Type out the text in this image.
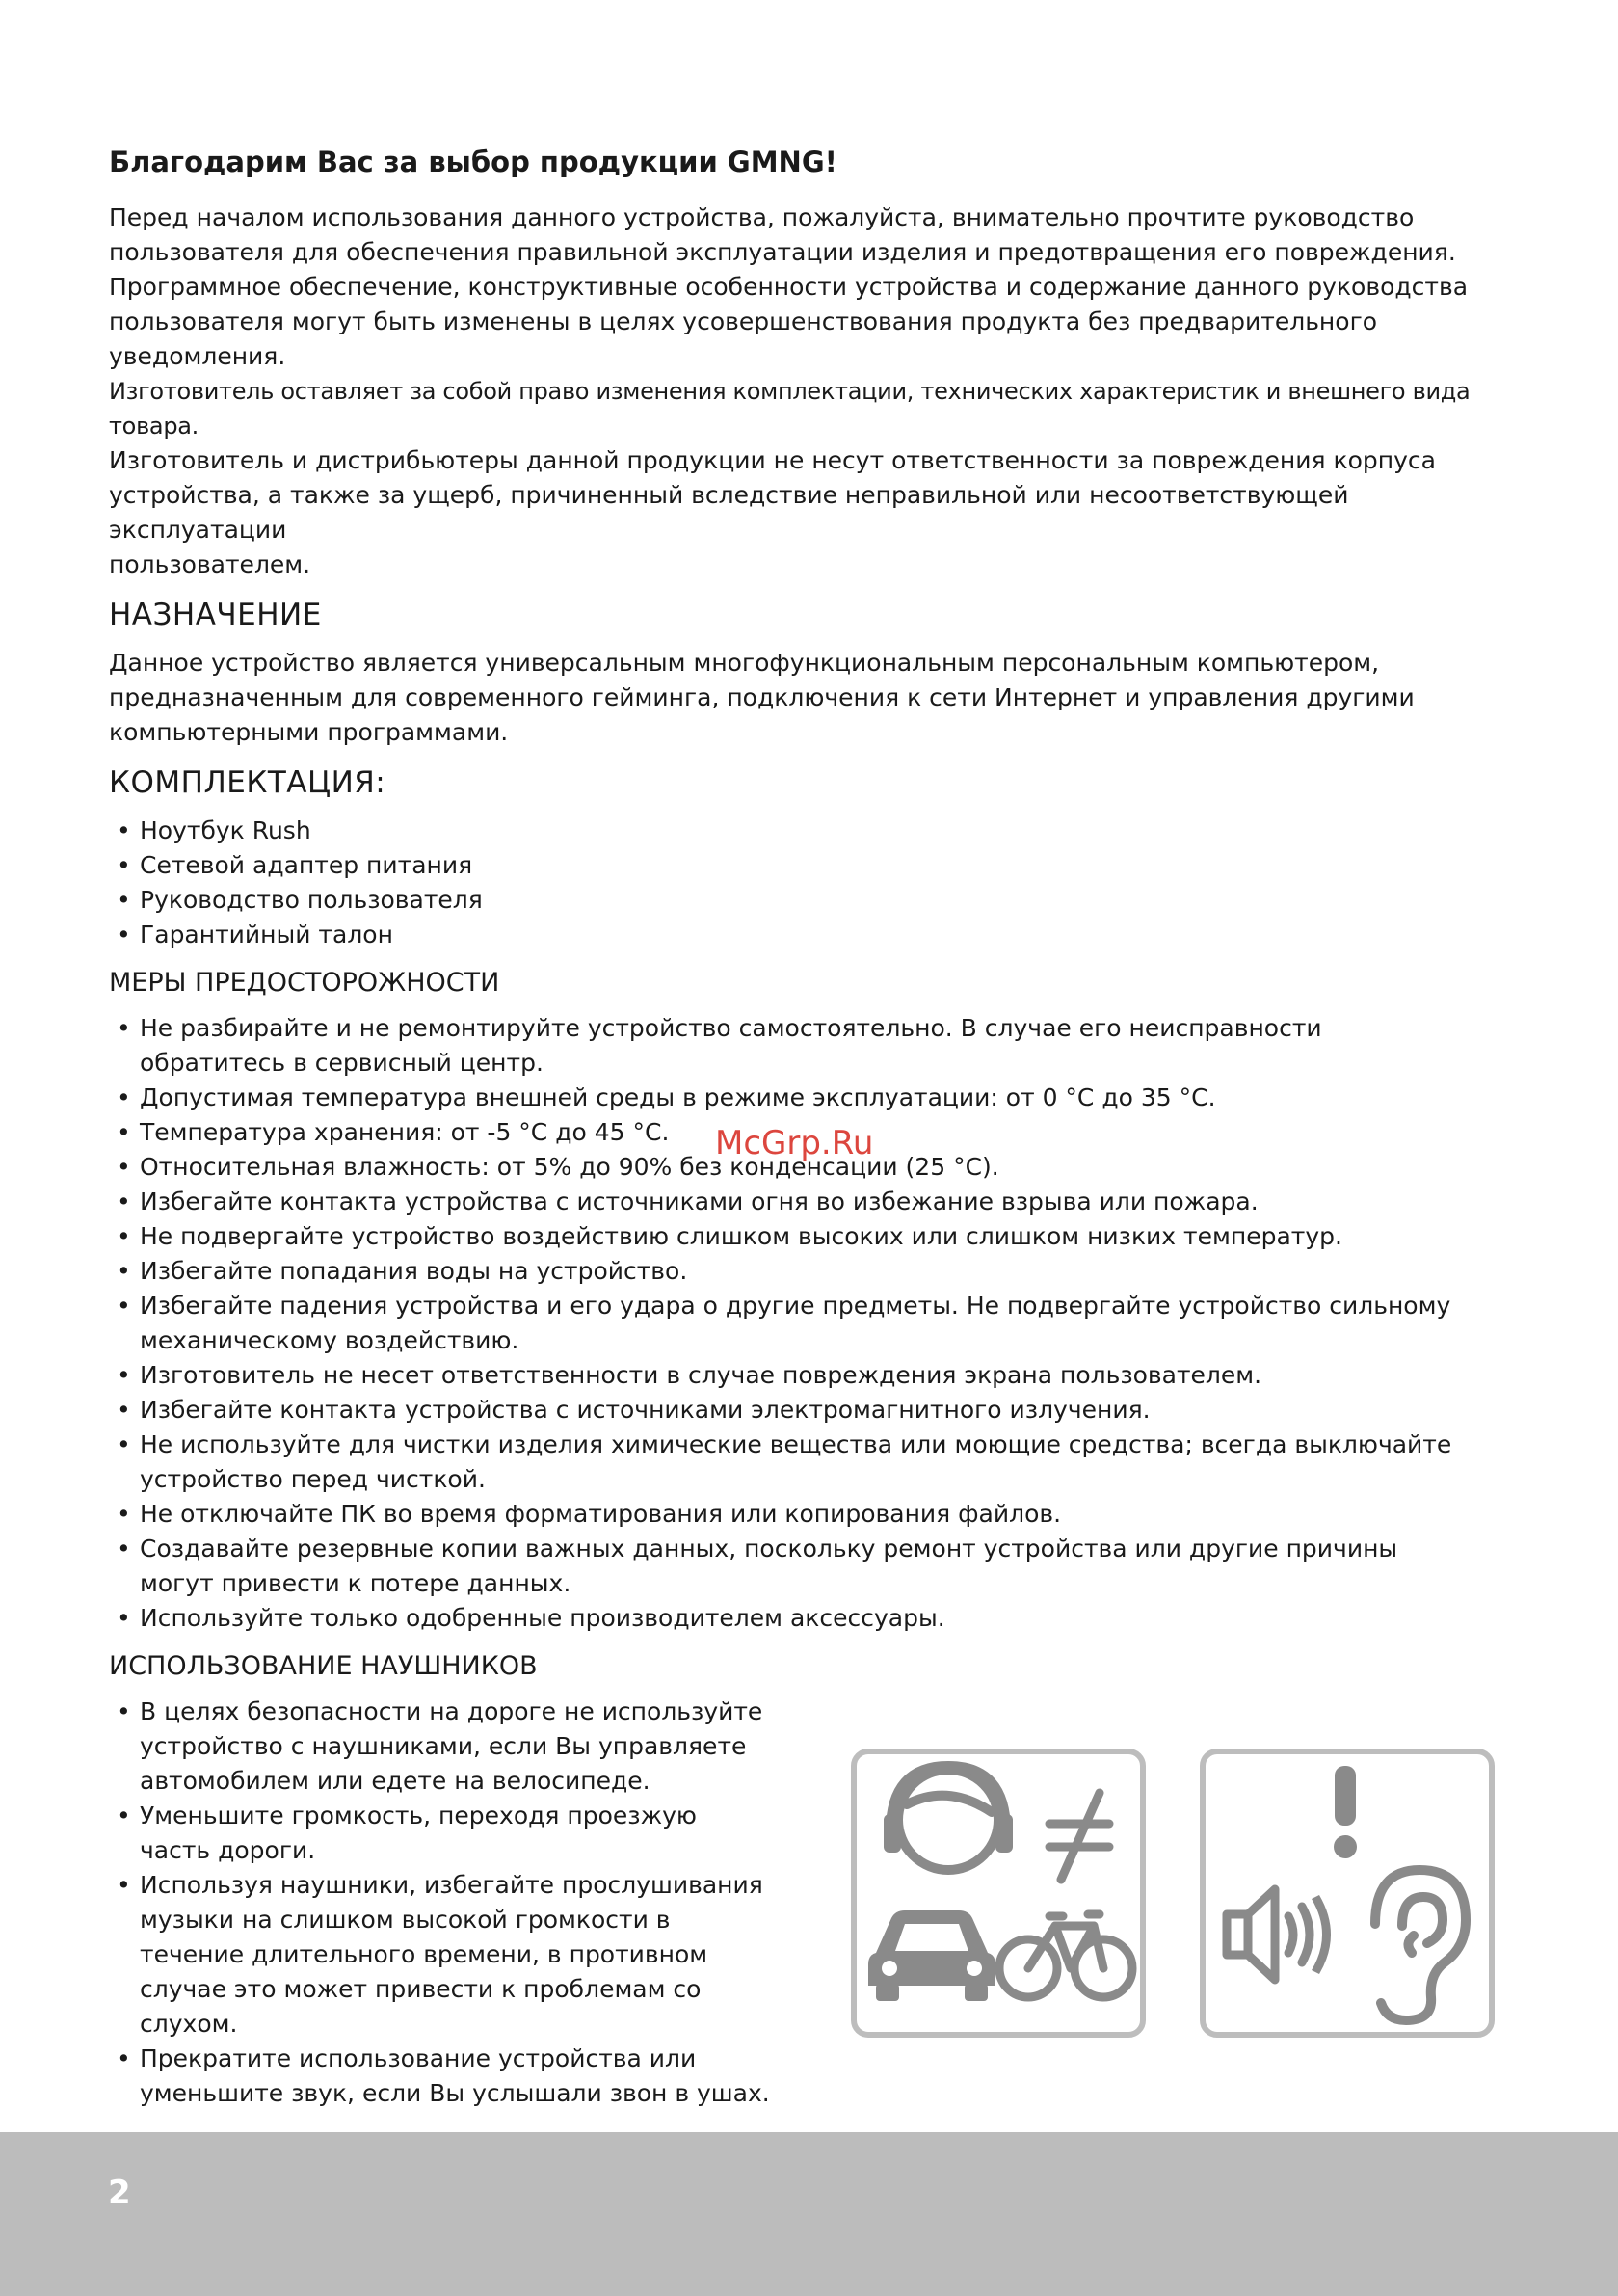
Благодарим Вас за выбор продукции GMNG!

Перед началом использования данного устройства, пожалуйста, внимательно прочтите руководство
пользователя для обеспечения правильной эксплуатации изделия и предотвращения его повреждения.
Программное обеспечение, конструктивные особенности устройства и содержание данного руководства
пользователя могут быть изменены в целях усовершенствования продукта без предварительного уведомления.
Изготовитель оставляет за собой право изменения комплектации, технических характеристик и внешнего вида товара.
Изготовитель и дистрибьютеры данной продукции не несут ответственности за повреждения корпуса
устройства, а также за ущерб, причиненный вследствие неправильной или несоответствующей эксплуатации
пользователем.

НАЗНАЧЕНИЕ

Данное устройство является универсальным многофункциональным персональным компьютером,
предназначенным для современного гейминга, подключения к сети Интернет и управления другими
компьютерными программами.

КОМПЛЕКТАЦИЯ:
• Ноутбук Rush
• Сетевой адаптер питания
• Руководство пользователя
• Гарантийный талон
МЕРЫ ПРЕДОСТОРОЖНОСТИ
• Не разбирайте и не ремонтируйте устройство самостоятельно. В случае его неисправности обратитесь в сервисный центр.
• Допустимая температура внешней среды в режиме эксплуатации: от 0 °С до 35 °С.
• Температура хранения: от -5 °С до 45 °С.
• Относительная влажность: от 5% до 90% без конденсации (25 °С).
• Избегайте контакта устройства с источниками огня во избежание взрыва или пожара.
• Не подвергайте устройство воздействию слишком высоких или слишком низких температур.
• Избегайте попадания воды на устройство.
• Избегайте падения устройства и его удара о другие предметы. Не подвергайте устройство сильному механическому воздействию.
• Изготовитель не несет ответственности в случае повреждения экрана пользователем.
• Избегайте контакта устройства с источниками электромагнитного излучения.
• Не используйте для чистки изделия химические вещества или моющие средства; всегда выключайте устройство перед чисткой.
• Не отключайте ПК во время форматирования или копирования файлов.
• Создавайте резервные копии важных данных, поскольку ремонт устройства или другие причины могут привести к потере данных.
• Используйте только одобренные производителем аксессуары.
ИСПОЛЬЗОВАНИЕ НАУШНИКОВ
• В целях безопасности на дороге не используйте устройство с наушниками, если Вы управляете автомобилем или едете на велосипеде.
• Уменьшите громкость, переходя проезжую часть дороги.
• Используя наушники, избегайте прослушивания музыки на слишком высокой громкости в течение длительного времени, в противном случае это может привести к проблемам со слухом.
• Прекратите использование устройства или уменьшите звук, если Вы услышали звон в ушах.
McGrp.Ru
2
